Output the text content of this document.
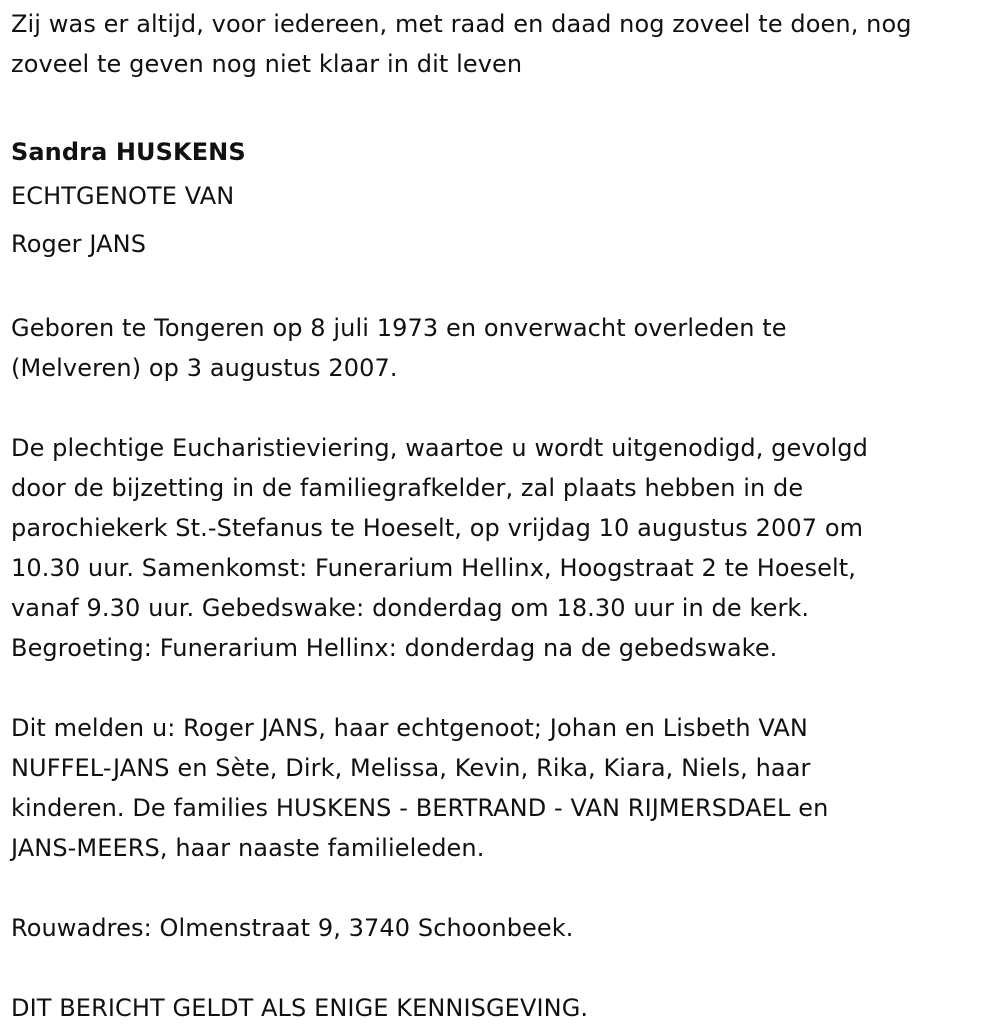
Zij was er altijd, voor iedereen, met raad en daad nog zoveel te doen, nog
zoveel te geven nog niet klaar in dit leven

Sandra HUSKENS

ECHTGENOTE VAN

Roger JANS

Geboren te Tongeren op 8 juli 1973 en onverwacht overleden te
(Melveren) op 3 augustus 2007.

De plechtige Eucharistieviering, waartoe u wordt uitgenodigd, gevolgd
door de bijzetting in de familiegrafkelder, zal plaats hebben in de
parochiekerk St.-Stefanus te Hoeselt, op vrijdag 10 augustus 2007 om
10.30 uur. Samenkomst: Funerarium Hellinx, Hoogstraat 2 te Hoeselt,
vanaf 9.30 uur. Gebedswake: donderdag om 18.30 uur in de kerk.
Begroeting: Funerarium Hellinx: donderdag na de gebedswake.

Dit melden u: Roger JANS, haar echtgenoot; Johan en Lisbeth VAN
NUFFEL-JANS en Sète, Dirk, Melissa, Kevin, Rika, Kiara, Niels, haar
kinderen. De families HUSKENS - BERTRAND - VAN RIJMERSDAEL en
JANS-MEERS, haar naaste familieleden.

Rouwadres: Olmenstraat 9, 3740 Schoonbeek.

DIT BERICHT GELDT ALS ENIGE KENNISGEVING.
